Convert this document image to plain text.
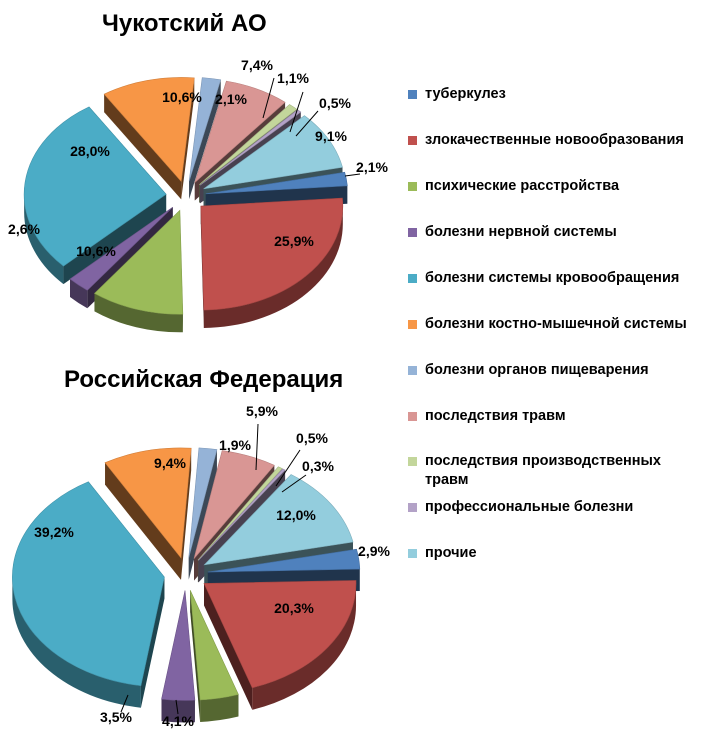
Чукотский АО
Российская Федерация
2,1%
25,9%
10,6%
2,6%
28,0%
10,6% 2,1%
7,4%
1,1%
0,5%
9,1%
2,9%
20,3%
4,1%
3,5%
39,2%
9,4%
1,9%
5,9%
0,5%
0,3%
12,0%
туберкулез
злокачественные новообразования
психические расстройства
болезни нервной системы
болезни системы кровообращения
болезни костно-мышечной системы
болезни органов пищеварения
последствия травм
последствия производственных травм
профессиональные болезни
прочие
